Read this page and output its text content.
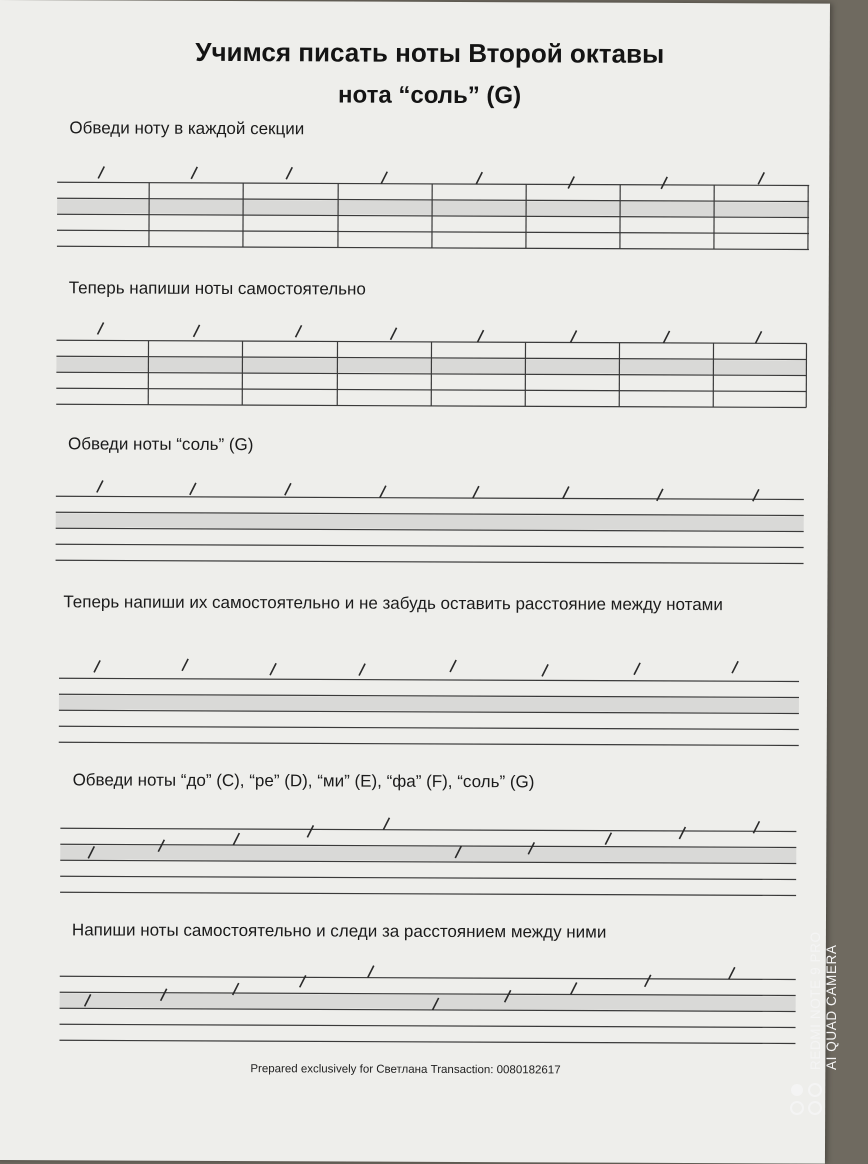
Учимся писать ноты Второй октавы
нота “соль” (G)

Обведи ноту в каждой секции

Теперь напиши ноты самостоятельно

Обведи ноты “соль” (G)

Теперь напиши их самостоятельно и не забудь оставить расстояние между нотами

Обведи ноты “до” (C), “ре” (D), “ми” (E), “фа” (F), “соль” (G)

Напиши ноты самостоятельно и следи за расстоянием между ними

Prepared exclusively for Светлана Transaction: 0080182617	REDMI NOTE 9 PRO AI QUAD CAMERA
